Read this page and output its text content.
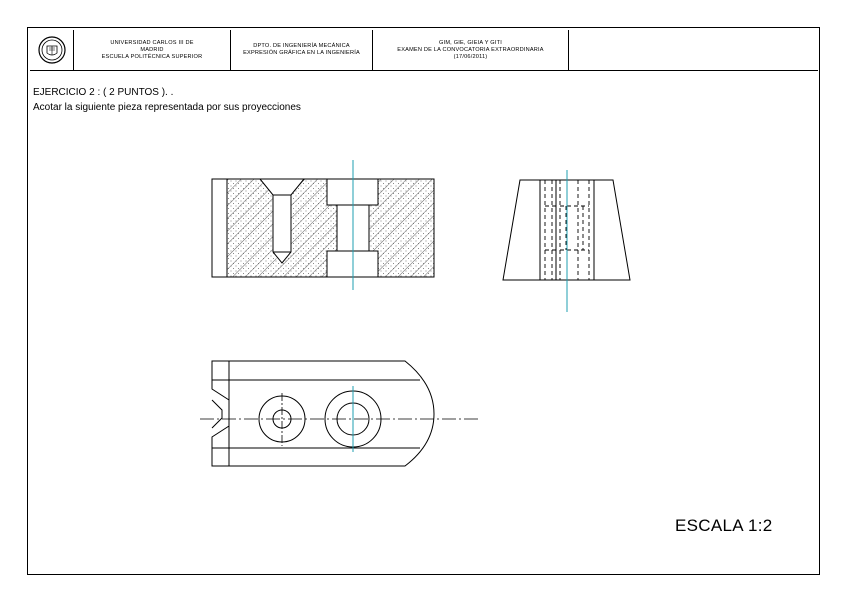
UNIVERSIDAD CARLOS III DE
MADRID
ESCUELA POLITÉCNICA SUPERIOR
DPTO. DE INGENIERÍA MECÁNICA
EXPRESIÓN GRÁFICA EN LA INGENIERÍA
GIM, GIE, GIEIA Y GITI
EXAMEN DE LA CONVOCATORIA EXTRAORDINARIA
(17/06/2011)
EJERCICIO 2 : ( 2 PUNTOS ). .
Acotar la siguiente pieza representada por sus proyecciones
ESCALA 1:2
